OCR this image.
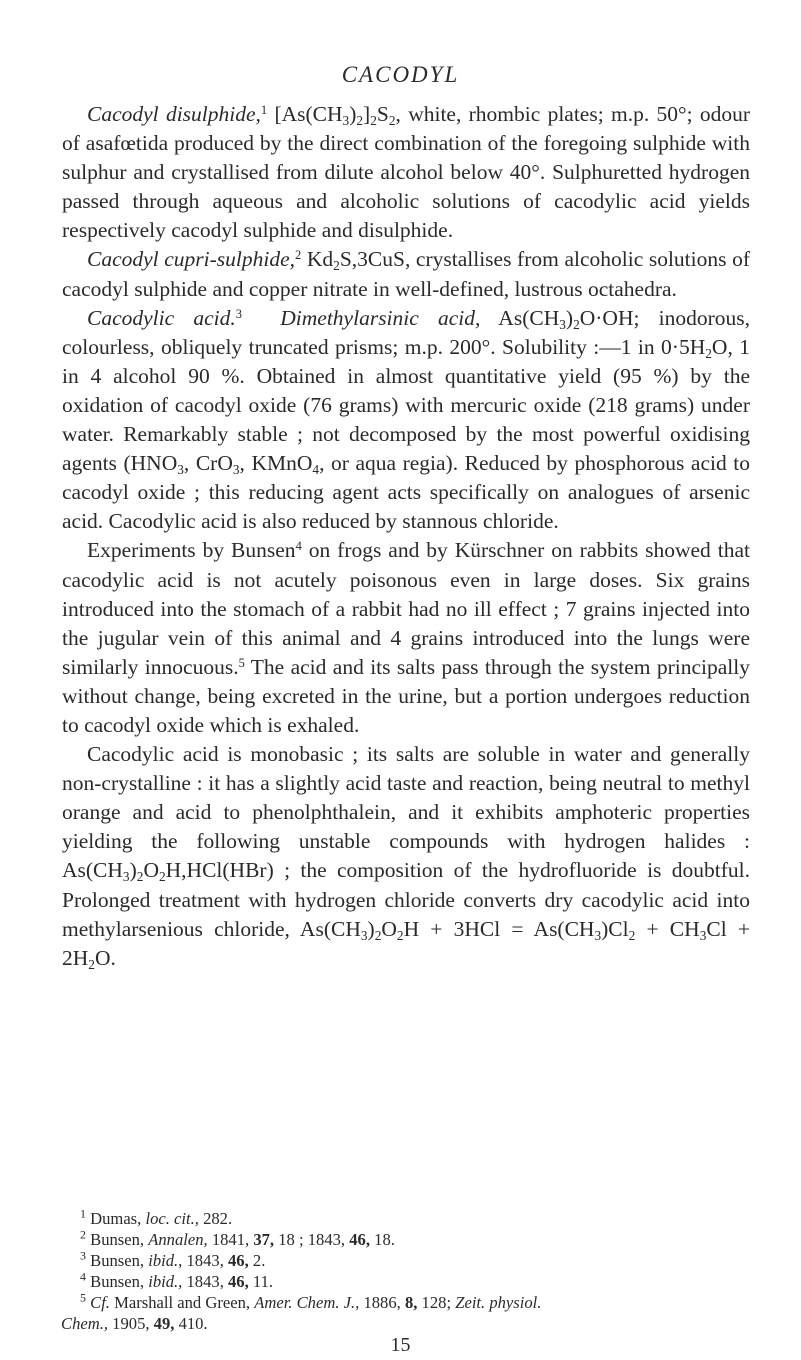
CACODYL

Cacodyl disulphide,$^1$ $[As(CH_3)_2]_2S_2$, white, rhombic plates; m.p. 50°; odour of asafœtida produced by the direct combination of the foregoing sulphide with sulphur and crystallised from dilute alcohol below 40°. Sulphuretted hydrogen passed through aqueous and alcoholic solutions of cacodylic acid yields respectively cacodyl sulphide and disulphide.

Cacodyl cupri-sulphide,$^2$ $Kd_2S,3CuS$, crystallises from alcoholic solutions of cacodyl sulphide and copper nitrate in well-defined, lustrous octahedra.

Cacodylic acid.$^3$ Dimethylarsinic acid, $As(CH_3)_2O\cdot OH$; inodorous, colourless, obliquely truncated prisms; m.p. 200°. Solubility :—1 in $0\cdot 5H_2O$, 1 in 4 alcohol 90 %. Obtained in almost quantitative yield (95 %) by the oxidation of cacodyl oxide (76 grams) with mercuric oxide (218 grams) under water. Remarkably stable ; not decomposed by the most powerful oxidising agents ($HNO_3$, CrO$_3$, KMnO$_4$, or aqua regia). Reduced by phosphorous acid to cacodyl oxide ; this reducing agent acts specifically on analogues of arsenic acid. Cacodylic acid is also reduced by stannous chloride.

Experiments by Bunsen$^4$ on frogs and by Kürschner on rabbits showed that cacodylic acid is not acutely poisonous even in large doses. Six grains introduced into the stomach of a rabbit had no ill effect ; 7 grains injected into the jugular vein of this animal and 4 grains introduced into the lungs were similarly innocuous.$^5$ The acid and its salts pass through the system principally without change, being excreted in the urine, but a portion undergoes reduction to cacodyl oxide which is exhaled.

Cacodylic acid is monobasic ; its salts are soluble in water and generally non-crystalline : it has a slightly acid taste and reaction, being neutral to methyl orange and acid to phenolphthalein, and it exhibits amphoteric properties yielding the following unstable compounds with hydrogen halides : $As(CH_3)_2O_2H,HCl(HBr)$ ; the composition of the hydrofluoride is doubtful. Prolonged treatment with hydrogen chloride converts dry cacodylic acid into methylarsenious chloride, $As(CH_3)_2O_2H + 3HCl = As(CH_3)Cl_2 + CH_3Cl + 2H_2O$.

$^1$ Dumas, loc. cit., 282.

$^2$ Bunsen, Annalen, 1841, 37, 18 ; 1843, 46, 18.

$^3$ Bunsen, ibid., 1843, 46, 2.

$^4$ Bunsen, ibid., 1843, 46, 11.

$^5$ Cf. Marshall and Green, Amer. Chem. J., 1886, 8, 128; Zeit. physiol.

Chem., 1905, 49, 410.

15
